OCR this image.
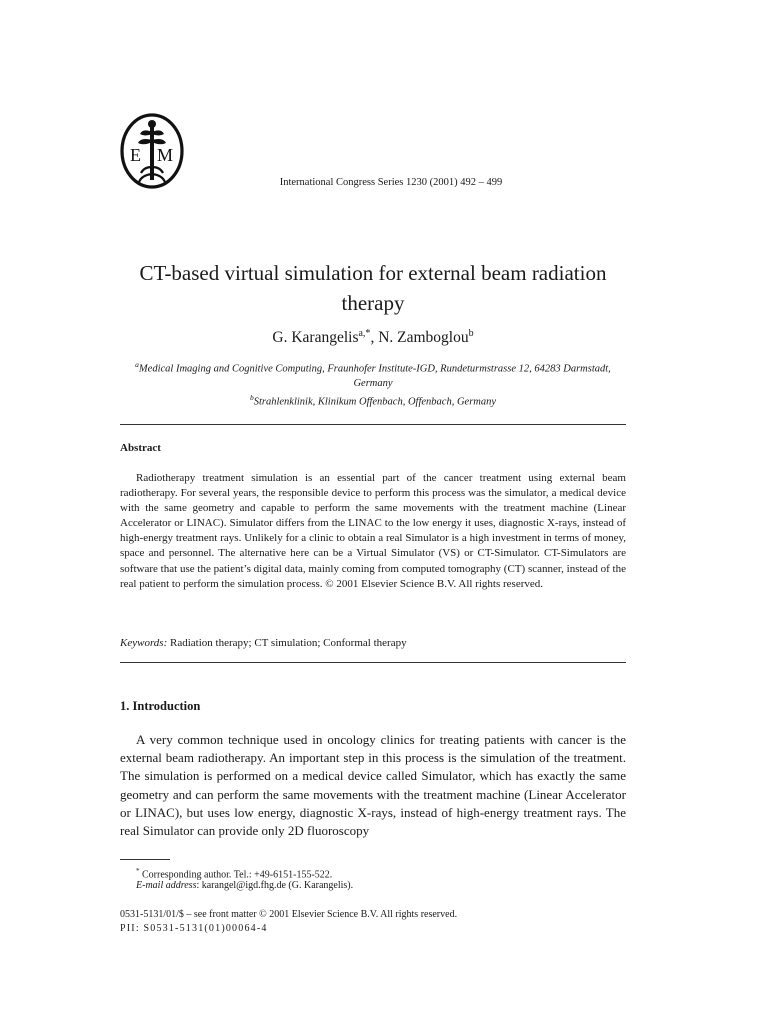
E M
International Congress Series 1230 (2001) 492 – 499
CT-based virtual simulation for external beam radiation therapy
G. Karangelis$^{a,*}$, N. Zamboglou$^b$
$^a$Medical Imaging and Cognitive Computing, Fraunhofer Institute-IGD, Rundeturmstrasse 12, 64283 Darmstadt, Germany
$^b$Strahlenklinik, Klinikum Offenbach, Offenbach, Germany
Abstract
Radiotherapy treatment simulation is an essential part of the cancer treatment using external beam radiotherapy. For several years, the responsible device to perform this process was the simulator, a medical device with the same geometry and capable to perform the same movements with the treatment machine (Linear Accelerator or LINAC). Simulator differs from the LINAC to the low energy it uses, diagnostic X-rays, instead of high-energy treatment rays. Unlikely for a clinic to obtain a real Simulator is a high investment in terms of money, space and personnel. The alternative here can be a Virtual Simulator (VS) or CT-Simulator. CT-Simulators are software that use the patient’s digital data, mainly coming from computed tomography (CT) scanner, instead of the real patient to perform the simulation process. © 2001 Elsevier Science B.V. All rights reserved.
Keywords: Radiation therapy; CT simulation; Conformal therapy
1. Introduction
A very common technique used in oncology clinics for treating patients with cancer is the external beam radiotherapy. An important step in this process is the simulation of the treatment. The simulation is performed on a medical device called Simulator, which has exactly the same geometry and can perform the same movements with the treatment machine (Linear Accelerator or LINAC), but uses low energy, diagnostic X-rays, instead of high-energy treatment rays. The real Simulator can provide only 2D fluoroscopy
* Corresponding author. Tel.: +49-6151-155-522.
E-mail address: karangel@igd.fhg.de (G. Karangelis).
0531-5131/01/$ – see front matter © 2001 Elsevier Science B.V. All rights reserved.
PII: S0531-5131(01)00064-4
